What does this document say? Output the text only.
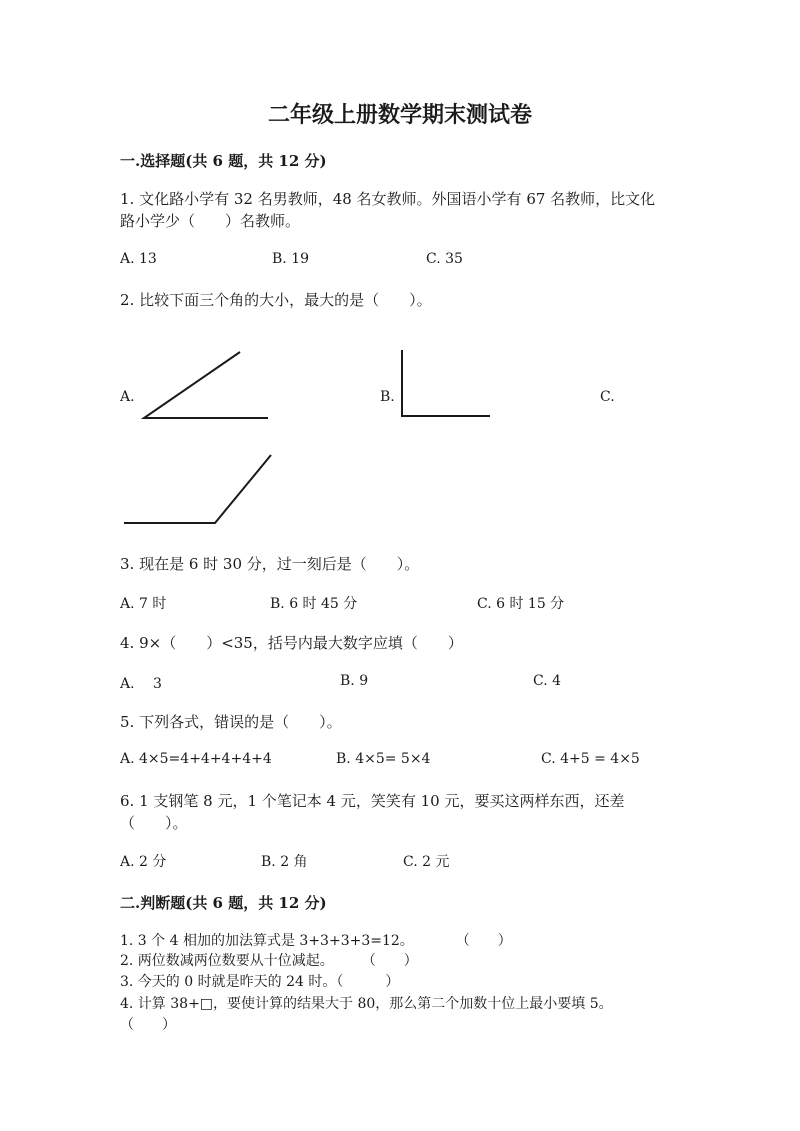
二年级上册数学期末测试卷
一.选择题(共 6 题，共 12 分)
1. 文化路小学有 32 名男教师，48 名女教师。外国语小学有 67 名教师，比文化
路小学少（　　）名教师。
A. 13	B. 19	C. 35
2. 比较下面三个角的大小，最大的是（　　）。
A.	B.	C.
3. 现在是 6 时 30 分，过一刻后是（　　）。
A. 7 时	B. 6 时 45 分	C. 6 时 15 分
4. 9×（　　）<35，括号内最大数字应填（　　）
A.　 3	B. 9	C. 4
5. 下列各式，错误的是（　　）。
A. 4×5=4+4+4+4+4	B. 4×5= 5×4	C. 4+5 = 4×5
6. 1 支钢笔 8 元，1 个笔记本 4 元，笑笑有 10 元，要买这两样东西，还差
（　　）。
A. 2 分	B. 2 角	C. 2 元
二.判断题(共 6 题，共 12 分)
1. 3 个 4 相加的加法算式是 3+3+3+3=12。　　　　（　　）
2. 两位数减两位数要从十位减起。　　　（　　）
3. 今天的 0 时就是昨天的 24 时。（　　　）
4. 计算 38+□，要使计算的结果大于 80，那么第二个加数十位上最小要填 5。
（　　）
